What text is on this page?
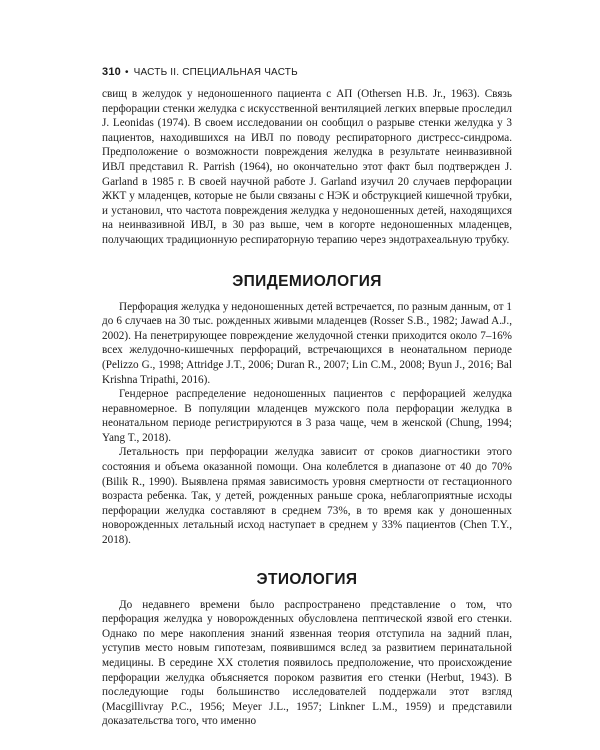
310 • ЧАСТЬ II. СПЕЦИАЛЬНАЯ ЧАСТЬ

свищ в желудок у недоношенного пациента с АП (Othersen H.B. Jr., 1963). Связь перфорации стенки желудка с искусственной вентиляцией легких впервые проследил J. Leonidas (1974). В своем исследовании он сообщил о разрыве стенки желудка у 3 пациентов, находившихся на ИВЛ по поводу респираторного дистресс-синдрома. Предположение о возможности повреждения желудка в результате неинвазивной ИВЛ представил R. Parrish (1964), но окончательно этот факт был подтвержден J. Garland в 1985 г. В своей научной работе J. Garland изучил 20 случаев перфорации ЖКТ у младенцев, которые не были связаны с НЭК и обструкцией кишечной трубки, и установил, что частота повреждения желудка у недоношенных детей, находящихся на неинвазивной ИВЛ, в 30 раз выше, чем в когорте недоношенных младенцев, получающих традиционную респираторную терапию через эндотрахеальную трубку.

ЭПИДЕМИОЛОГИЯ

Перфорация желудка у недоношенных детей встречается, по разным данным, от 1 до 6 случаев на 30 тыс. рожденных живыми младенцев (Rosser S.B., 1982; Jawad A.J., 2002). На пенетрирующее повреждение желудочной стенки приходится около 7–16% всех желудочно-кишечных перфораций, встречающихся в неонатальном периоде (Pelizzo G., 1998; Attridge J.T., 2006; Duran R., 2007; Lin C.M., 2008; Byun J., 2016; Bal Krishna Tripathi, 2016).

Гендерное распределение недоношенных пациентов с перфорацией желудка неравномерное. В популяции младенцев мужского пола перфорации желудка в неонатальном периоде регистрируются в 3 раза чаще, чем в женской (Chung, 1994; Yang T., 2018).

Летальность при перфорации желудка зависит от сроков диагностики этого состояния и объема оказанной помощи. Она колеблется в диапазоне от 40 до 70% (Bilik R., 1990). Выявлена прямая зависимость уровня смертности от гестационного возраста ребенка. Так, у детей, рожденных раньше срока, неблагоприятные исходы перфорации желудка составляют в среднем 73%, в то время как у доношенных новорожденных летальный исход наступает в среднем у 33% пациентов (Chen T.Y., 2018).

ЭТИОЛОГИЯ

До недавнего времени было распространено представление о том, что перфорация желудка у новорожденных обусловлена пептической язвой его стенки. Однако по мере накопления знаний язвенная теория отступила на задний план, уступив место новым гипотезам, появившимся вслед за развитием перинатальной медицины. В середине ХХ столетия появилось предположение, что происхождение перфорации желудка объясняется пороком развития его стенки (Herbut, 1943). В последующие годы большинство исследователей поддержали этот взгляд (Macgillivray P.C., 1956; Meyer J.L., 1957; Linkner L.M., 1959) и представили доказательства того, что именно
